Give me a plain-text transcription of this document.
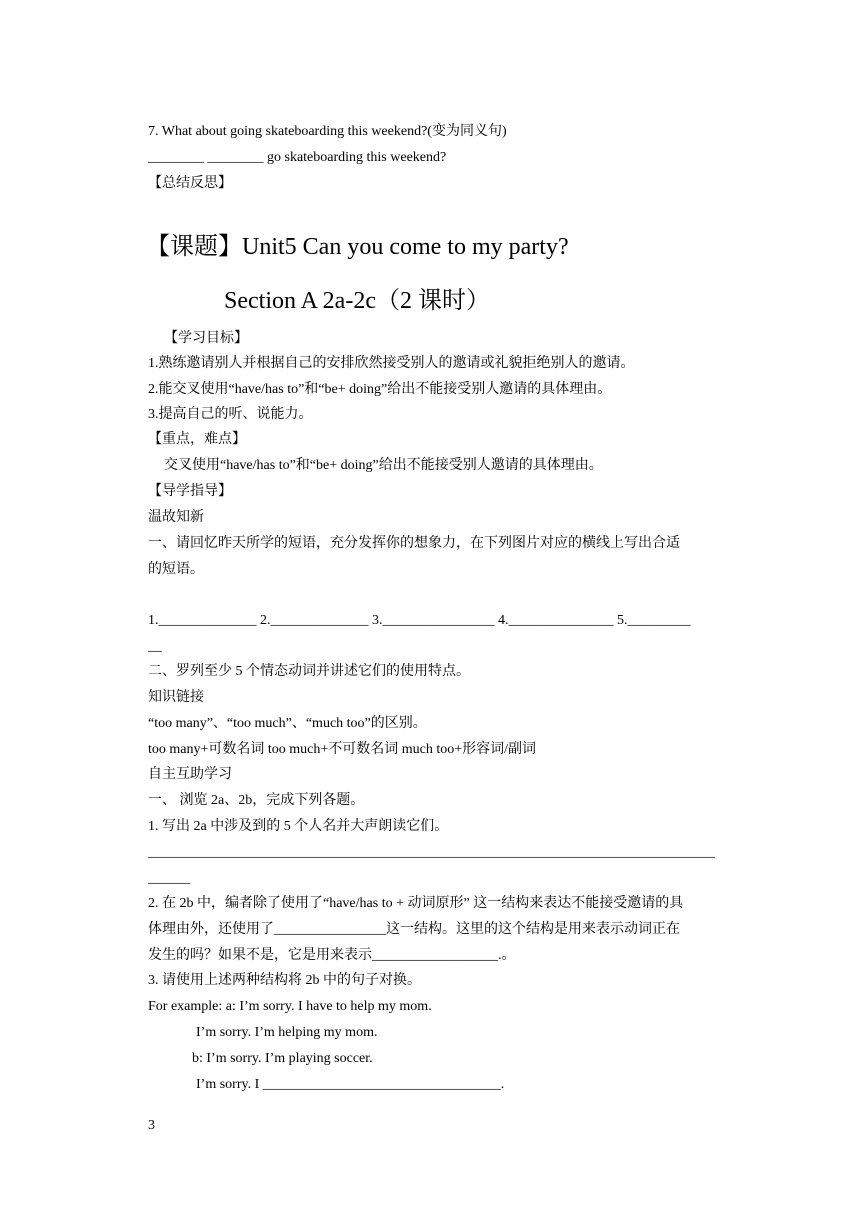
7. What about going skateboarding this weekend?(变为同义句)
________ ________ go skateboarding this weekend?
【总结反思】
【课题】Unit5 Can you come to my party?
Section A 2a-2c（2 课时）
【学习目标】
1.熟练邀请别人并根据自己的安排欣然接受别人的邀请或礼貌拒绝别人的邀请。
2.能交叉使用“have/has to”和“be+ doing”给出不能接受别人邀请的具体理由。
3.提高自己的听、说能力。
【重点，难点】
交叉使用“have/has to”和“be+ doing”给出不能接受别人邀请的具体理由。
【导学指导】
温故知新
一、请回忆昨天所学的短语，充分发挥你的想象力，在下列图片对应的横线上写出合适
的短语。
1.______________ 2.______________ 3.________________ 4._______________ 5._________
__
二、罗列至少 5 个情态动词并讲述它们的使用特点。
知识链接
“too many”、“too much”、“much too”的区别。
too many+可数名词 too much+不可数名词 much too+形容词/副词
自主互助学习
一、 浏览 2a、2b，完成下列各题。
1. 写出 2a 中涉及到的 5 个人名并大声朗读它们。
_________________________________________________________________________________
______
2. 在 2b 中，编者除了使用了“have/has to + 动词原形” 这一结构来表达不能接受邀请的具
体理由外，还使用了________________这一结构。这里的这个结构是用来表示动词正在
发生的吗？如果不是，它是用来表示__________________.。
3. 请使用上述两种结构将 2b 中的句子对换。
For example: a: I’m sorry. I have to help my mom.
I’m sorry. I’m helping my mom.
b: I’m sorry. I’m playing soccer.
I’m sorry. I __________________________________.
3
